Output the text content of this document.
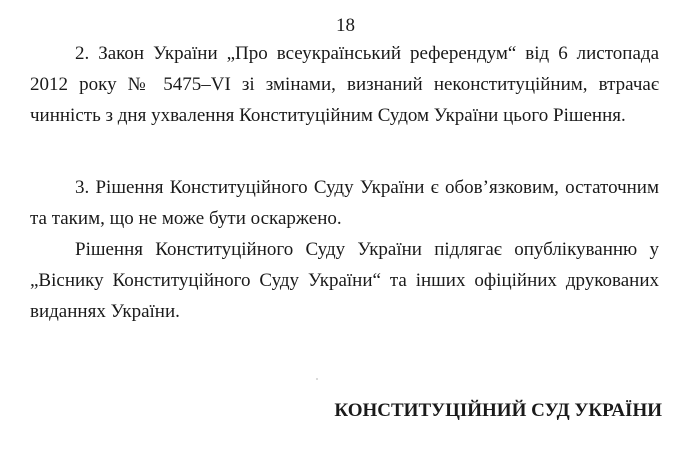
18
2. Закон України „Про всеукраїнський референдум“ від 6 листопада
2012 року № 5475–VI зі змінами, визнаний неконституційним, втрачає
чинність з дня ухвалення Конституційним Судом України цього Рішення.
3. Рішення Конституційного Суду України є обов’язковим, остаточним
та таким, що не може бути оскаржено.
Рішення Конституційного Суду України підлягає опублікуванню у
„Віснику Конституційного Суду України“ та інших офіційних друкованих
виданнях України.
КОНСТИТУЦІЙНИЙ СУД УКРАЇНИ
